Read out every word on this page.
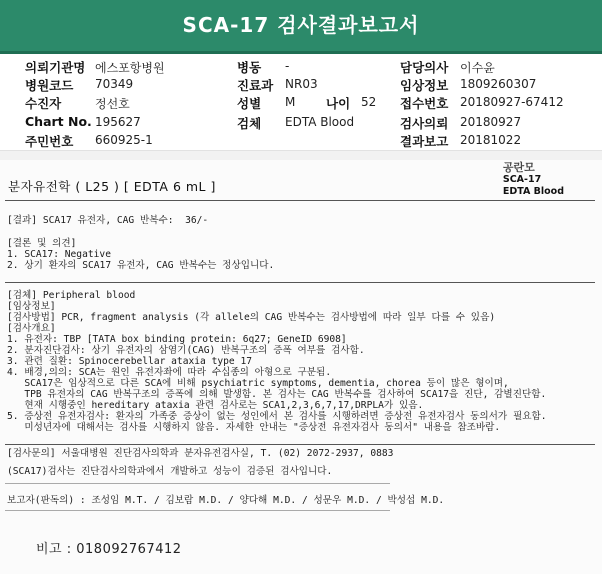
SCA-17 검사결과보고서
의뢰기관명 에스포항병원
병원코드 70349
수진자	정선호
Chart No. 195627
주민번호 660925-1
병동 -
진료과 NR03
성별 M 나이 52
검체 EDTA Blood
담당의사 이수윤
임상정보 1809260307
접수번호 20180927-67412
검사의뢰 20180927
결과보고 20181022
공란모
SCA-17
EDTA Blood
분자유전학 ( L25 ) [ EDTA 6 mL ]
[결과] SCA17 유전자, CAG 반복수:  36/-
[결론 및 의견]
1. SCA17: Negative
2. 상기 환자의 SCA17 유전자, CAG 반복수는 정상입니다.
[검체] Peripheral blood
[임상정보]
[검사방법] PCR, fragment analysis (각 allele의 CAG 반복수는 검사방법에 따라 일부 다를 수 있음)
[검사개요]
1. 유전자: TBP [TATA box binding protein: 6q27; GeneID 6908]
2. 분자진단검사: 상기 유전자의 삼염기(CAG) 반복구조의 증폭 여부를 검사함.
3. 관련 질환: Spinocerebellar ataxia type 17
4. 배경,의의: SCA는 원인 유전자좌에 따라 수십종의 아형으로 구분됨.
SCA17은 임상적으로 다른 SCA에 비해 psychiatric symptoms, dementia, chorea 등이 많은 형이며,
TPB 유전자의 CAG 반복구조의 증폭에 의해 발생함. 본 검사는 CAG 반복수를 검사하여 SCA17을 진단, 감별진단함.
현재 시행중인 hereditary ataxia 관련 검사로는 SCA1,2,3,6,7,17,DRPLA가 있음.
5. 증상전 유전자검사: 환자의 가족중 증상이 없는 성인에서 본 검사를 시행하려면 증상전 유전자검사 동의서가 필요함.
미성년자에 대해서는 검사를 시행하지 않음. 자세한 안내는 "증상전 유전자검사 동의서" 내용을 참조바람.
[검사문의] 서울대병원 진단검사의학과 분자유전검사실, T. (02) 2072-2937, 0883
(SCA17)검사는 진단검사의학과에서 개발하고 성능이 검증된 검사입니다.
보고자(판독의) : 조성임 M.T. / 김보람 M.D. / 양다해 M.D. / 성문우 M.D. / 박성섭 M.D.
비고 : 018092767412
